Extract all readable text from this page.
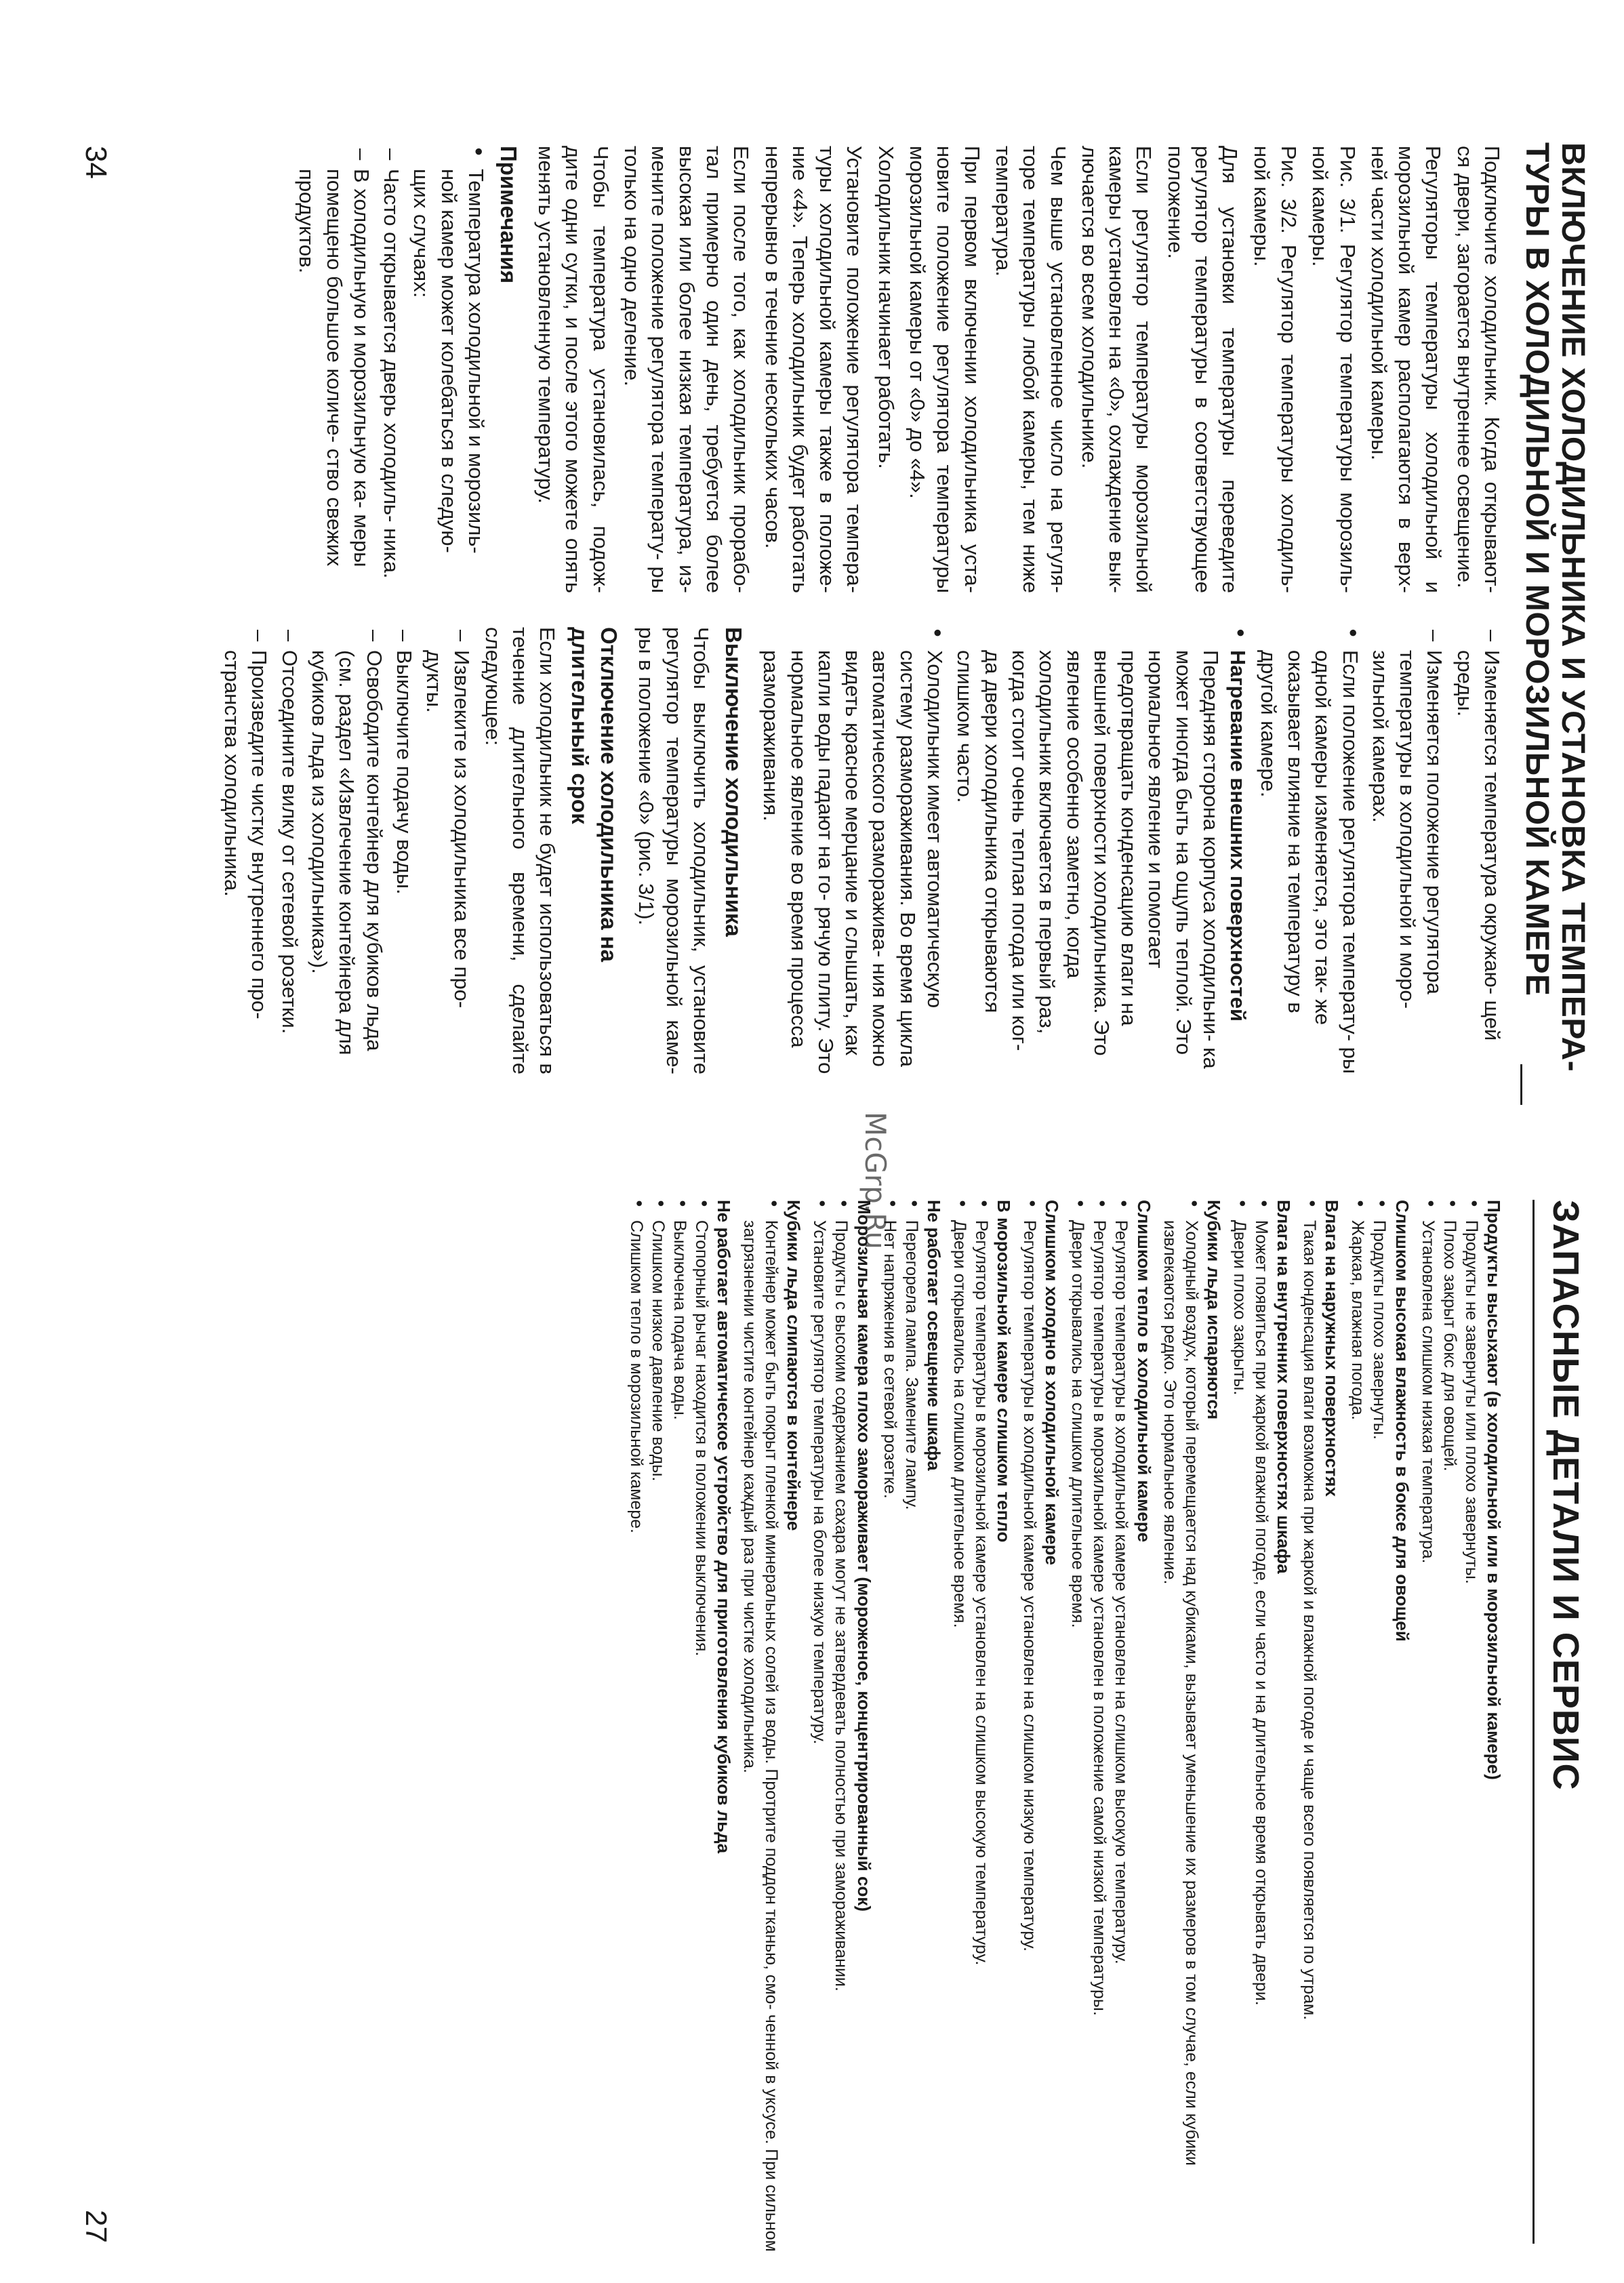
ВКЛЮЧЕНИЕ ХОЛОДИЛЬНИКА И УСТАНОВКА ТЕМПЕРА- ТУРЫ В ХОЛОДИЛЬНОЙ И МОРОЗИЛЬНОЙ КАМЕРЕ

Подключите холодильник. Когда открывают- ся двери, загорается внутреннее освещение.

Регуляторы температуры холодильной и морозильной камер располагаются в верх- ней части холодильной камеры.

Рис. 3/1. Регулятор температуры морозиль- ной камеры.

Рис. 3/2. Регулятор температуры холодиль- ной камеры.

Для установки температуры переведите регулятор температуры в соответствующее положение.

Если регулятор температуры морозильной камеры установлен на «0», охлаждение вык- лючается во всем холодильнике.

Чем выше установленное число на регуля- торе температуры любой камеры, тем ниже температура.

При первом включении холодильника уста- новите положение регулятора температуры морозильной камеры от «0» до «4».

Холодильник начинает работать.

Установите положение регулятора темпера- туры холодильной камеры также в положе- ние «4». Теперь холодильник будет работать непрерывно в течение нескольких часов.

Если после того, как холодильник прорабо- тал примерно один день, требуется более высокая или более низкая температура, из- мените положение регулятора температу- ры только на одно деление.

Чтобы температура установилась, подож- дите одни сутки, и после этого можете опять менять установленную температуру.

Примечания
● Температура холодильной и морозиль- ной камер может колебаться в следую- щих случаях:
– Часто открывается дверь холодиль- ника.
– В холодильную и морозильную ка- меры помещено большое количе- ство свежих продуктов.
– Изменяется температура окружаю- щей среды.
– Изменяется положение регулятора температуры в холодильной и моро- зильной камерах.
● Если положение регулятора температу- ры одной камеры изменяется, это так- же оказывает влияние на температуру в другой камере.
● Нагревание внешних поверхностей
Передняя сторона корпуса холодильни- ка может иногда быть на ощупь теплой. Это нормальное явление и помогает предотвращать конденсацию влаги на внешней поверхности холодильника. Это явление особенно заметно, когда холодильник включается в первый раз, когда стоит очень теплая погода или ког- да двери холодильника открываются слишком часто.
● Холодильник имеет автоматическую систему размораживания. Во время цикла автоматического разморажива- ния можно видеть красное мерцание и слышать, как капли воды падают на го- рячую плиту. Это нормальное явление во время процесса размораживания.
Выключение холодильника

Чтобы выключить холодильник, установите регулятор температуры морозильной каме- ры в положение «0» (рис. 3/1).

Отключение холодильника на длительный срок

Если холодильник не будет использоваться в течение длительного времени, сделайте следующее:

– Извлеките из холодильника все про- дукты.
– Выключите подачу воды.
– Освободите контейнер для кубиков льда (см. раздел «Извлечение контейнера для кубиков льда из холодильника»).
– Отсоедините вилку от сетевой розетки.
– Произведите чистку внутреннего про- странства холодильника.
34
McGrp.Ru
ЗАПАСНЫЕ ДЕТАЛИ И СЕРВИС
Продукты высыхают (в холодильной или в морозильной камере)
● Продукты не завернуты или плохо завернуты.
● Плохо закрыт бокс для овощей.
● Установлена слишком низкая температура.
Слишком высокая влажность в боксе для овощей
● Продукты плохо завернуты.
● Жаркая, влажная погода.
Влага на наружных поверхностях
● Такая конденсация влаги возможна при жаркой и влажной погоде и чаще всего появляется по утрам.
Влага на внутренних поверхностях шкафа
● Может появиться при жаркой влажной погоде, если часто и на длительное время открывать двери.
● Двери плохо закрыты.
Кубики льда испаряются
● Холодный воздух, который перемещается над кубиками, вызывает уменьшение их размеров в том случае, если кубики извлекаются редко. Это нормальное явление.
Слишком тепло в холодильной камере
● Регулятор температуры в холодильной камере установлен на слишком высокую температуру.
● Регулятор температуры в морозильной камере установлен в положение самой низкой температуры.
● Двери открывались на слишком длительное время.
Слишком холодно в холодильной камере
● Регулятор температуры в холодильной камере установлен на слишком низкую температуру.
В морозильной камере слишком тепло
● Регулятор температуры в морозильной камере установлен на слишком высокую температуру.
● Двери открывались на слишком длительное время.
Не работает освещение шкафа
● Перегорела лампа. Замените лампу.
● Нет напряжения в сетевой розетке.
Морозильная камера плохо замораживает (мороженое, концентрированный сок)
● Продукты с высоким содержанием сахара могут не затвердевать полностью при замораживании.
● Установите регулятор температуры на более низкую температуру.
Кубики льда слипаются в контейнере
● Контейнер может быть покрыт пленкой минеральных солей из воды. Протрите поддон тканью, смо- ченной в уксусе. При сильном загрязнении чистите контейнер каждый раз при чистке холодильника.
Не работает автоматическое устройство для приготовления кубиков льда
● Стопорный рычаг находится в положении выключения.
● Выключена подача воды.
● Слишком низкое давление воды.
● Слишком тепло в морозильной камере.
27
